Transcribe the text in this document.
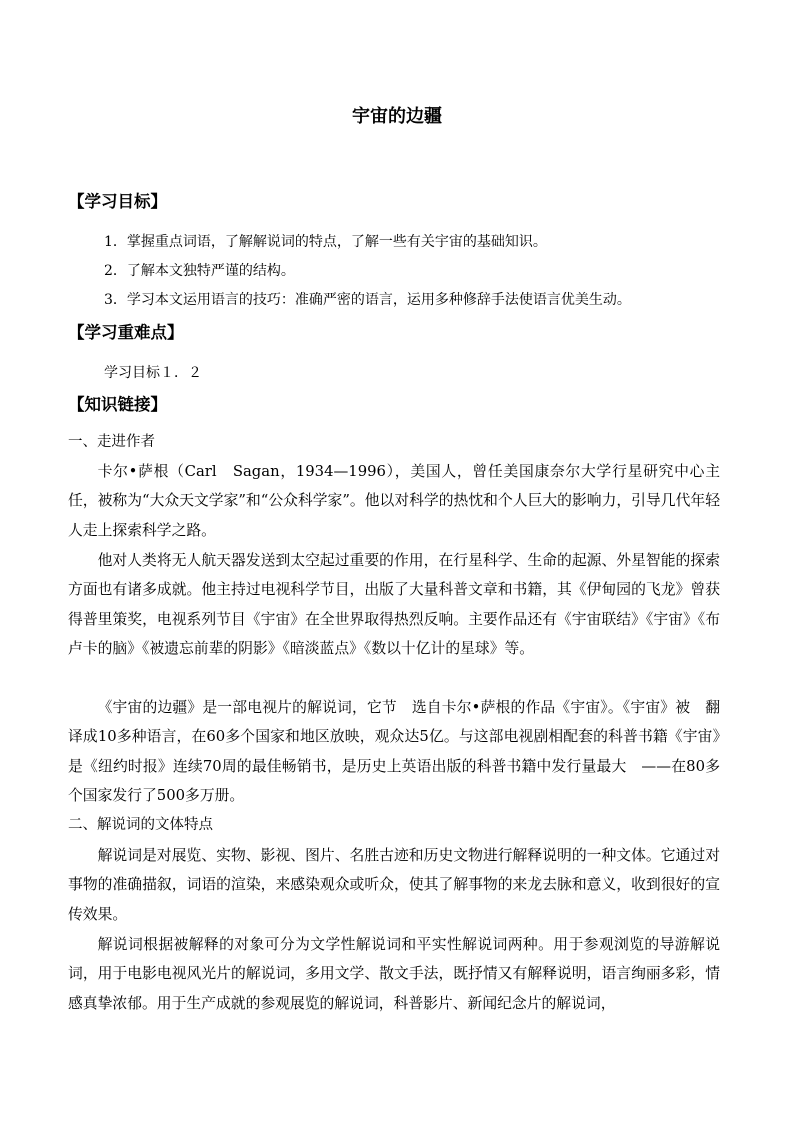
宇宙的边疆
【学习目标】
1．掌握重点词语，了解解说词的特点，了解一些有关宇宙的基础知识。
2．了解本文独特严谨的结构。
3．学习本文运用语言的技巧：准确严密的语言，运用多种修辞手法使语言优美生动。
【学习重难点】
学习目标１．２
【知识链接】
一、走进作者
卡尔•萨根（Carl　Sagan，1934—1996），美国人，曾任美国康奈尔大学行星研究中心主任，被称为“大众天文学家”和“公众科学家”。他以对科学的热忱和个人巨大的影响力，引导几代年轻人走上探索科学之路。
他对人类将无人航天器发送到太空起过重要的作用，在行星科学、生命的起源、外星智能的探索方面也有诸多成就。他主持过电视科学节目，出版了大量科普文章和书籍，其《伊甸园的飞龙》曾获得普里策奖，电视系列节目《宇宙》在全世界取得热烈反响。主要作品还有《宇宙联结》《宇宙》《布卢卡的脑》《被遗忘前辈的阴影》《暗淡蓝点》《数以十亿计的星球》等。
《宇宙的边疆》是一部电视片的解说词，它节　选自卡尔•萨根的作品《宇宙》。《宇宙》被　翻译成10多种语言，在60多个国家和地区放映，观众达5亿。与这部电视剧相配套的科普书籍《宇宙》是《纽约时报》连续70周的最佳畅销书，是历史上英语出版的科普书籍中发行量最大　——在80多个国家发行了500多万册。
二、解说词的文体特点
解说词是对展览、实物、影视、图片、名胜古迹和历史文物进行解释说明的一种文体。它通过对事物的准确描叙，词语的渲染，来感染观众或听众，使其了解事物的来龙去脉和意义，收到很好的宣传效果。
解说词根据被解释的对象可分为文学性解说词和平实性解说词两种。用于参观浏览的导游解说词，用于电影电视风光片的解说词，多用文学、散文手法，既抒情又有解释说明，语言绚丽多彩，情感真挚浓郁。用于生产成就的参观展览的解说词，科普影片、新闻纪念片的解说词，
